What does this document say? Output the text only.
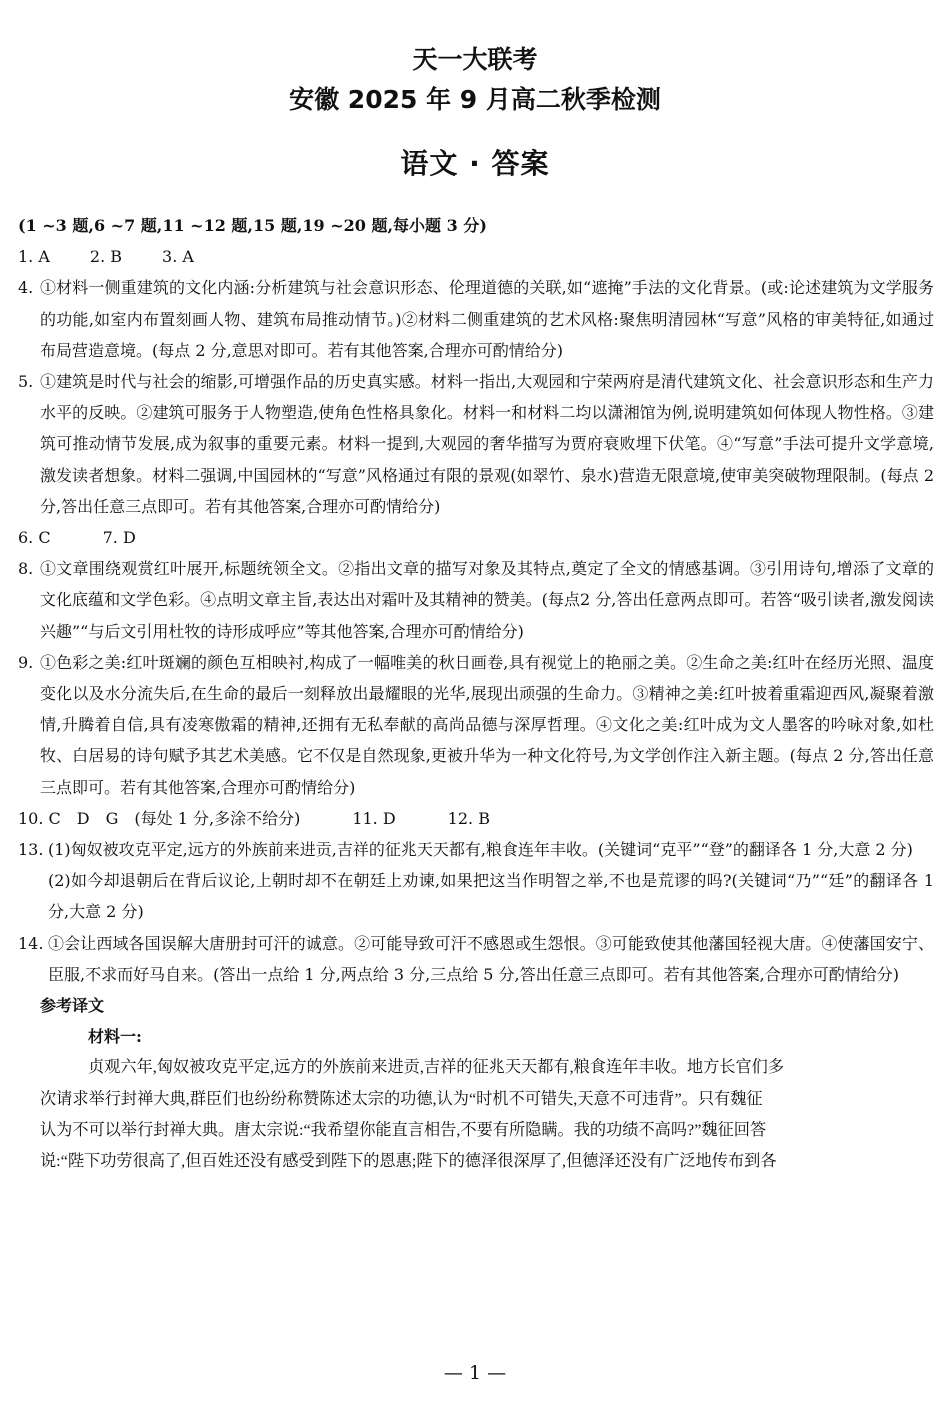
天一大联考
安徽 2025 年 9 月高二秋季检测
语文 · 答案
(1 ~3 题,6 ~7 题,11 ~12 题,15 题,19 ~20 题,每小题 3 分)
1. A	2. B	3. A
4. ①材料一侧重建筑的文化内涵:分析建筑与社会意识形态、伦理道德的关联,如“遮掩”手法的文化背景。(或:论述建筑为文学服务的功能,如室内布置刻画人物、建筑布局推动情节。)②材料二侧重建筑的艺术风格:聚焦明清园林“写意”风格的审美特征,如通过布局营造意境。(每点 2 分,意思对即可。若有其他答案,合理亦可酌情给分)
5. ①建筑是时代与社会的缩影,可增强作品的历史真实感。材料一指出,大观园和宁荣两府是清代建筑文化、社会意识形态和生产力水平的反映。②建筑可服务于人物塑造,使角色性格具象化。材料一和材料二均以潇湘馆为例,说明建筑如何体现人物性格。③建筑可推动情节发展,成为叙事的重要元素。材料一提到,大观园的奢华描写为贾府衰败埋下伏笔。④“写意”手法可提升文学意境,激发读者想象。材料二强调,中国园林的“写意”风格通过有限的景观(如翠竹、泉水)营造无限意境,使审美突破物理限制。(每点 2 分,答出任意三点即可。若有其他答案,合理亦可酌情给分)
6. C	7. D
8. ①文章围绕观赏红叶展开,标题统领全文。②指出文章的描写对象及其特点,奠定了全文的情感基调。③引用诗句,增添了文章的文化底蕴和文学色彩。④点明文章主旨,表达出对霜叶及其精神的赞美。(每点2 分,答出任意两点即可。若答“吸引读者,激发阅读兴趣”“与后文引用杜牧的诗形成呼应”等其他答案,合理亦可酌情给分)
9. ①色彩之美:红叶斑斓的颜色互相映衬,构成了一幅唯美的秋日画卷,具有视觉上的艳丽之美。②生命之美:红叶在经历光照、温度变化以及水分流失后,在生命的最后一刻释放出最耀眼的光华,展现出顽强的生命力。③精神之美:红叶披着重霜迎西风,凝聚着激情,升腾着自信,具有凌寒傲霜的精神,还拥有无私奉献的高尚品德与深厚哲理。④文化之美:红叶成为文人墨客的吟咏对象,如杜牧、白居易的诗句赋予其艺术美感。它不仅是自然现象,更被升华为一种文化符号,为文学创作注入新主题。(每点 2 分,答出任意三点即可。若有其他答案,合理亦可酌情给分)
10. C　D　G　(每处 1 分,多涂不给分)	11. D	12. B
13. (1)匈奴被攻克平定,远方的外族前来进贡,吉祥的征兆天天都有,粮食连年丰收。(关键词“克平”“登”的翻译各 1 分,大意 2 分)
(2)如今却退朝后在背后议论,上朝时却不在朝廷上劝谏,如果把这当作明智之举,不也是荒谬的吗?(关键词“乃”“廷”的翻译各 1 分,大意 2 分)
14. ①会让西域各国误解大唐册封可汗的诚意。②可能导致可汗不感恩或生怨恨。③可能致使其他藩国轻视大唐。④使藩国安宁、臣服,不求而好马自来。(答出一点给 1 分,两点给 3 分,三点给 5 分,答出任意三点即可。若有其他答案,合理亦可酌情给分)
参考译文
材料一:
贞观六年,匈奴被攻克平定,远方的外族前来进贡,吉祥的征兆天天都有,粮食连年丰收。地方长官们多
次请求举行封禅大典,群臣们也纷纷称赞陈述太宗的功德,认为“时机不可错失,天意不可违背”。只有魏征
认为不可以举行封禅大典。唐太宗说:“我希望你能直言相告,不要有所隐瞒。我的功绩不高吗?”魏征回答
说:“陛下功劳很高了,但百姓还没有感受到陛下的恩惠;陛下的德泽很深厚了,但德泽还没有广泛地传布到各
— 1 —
